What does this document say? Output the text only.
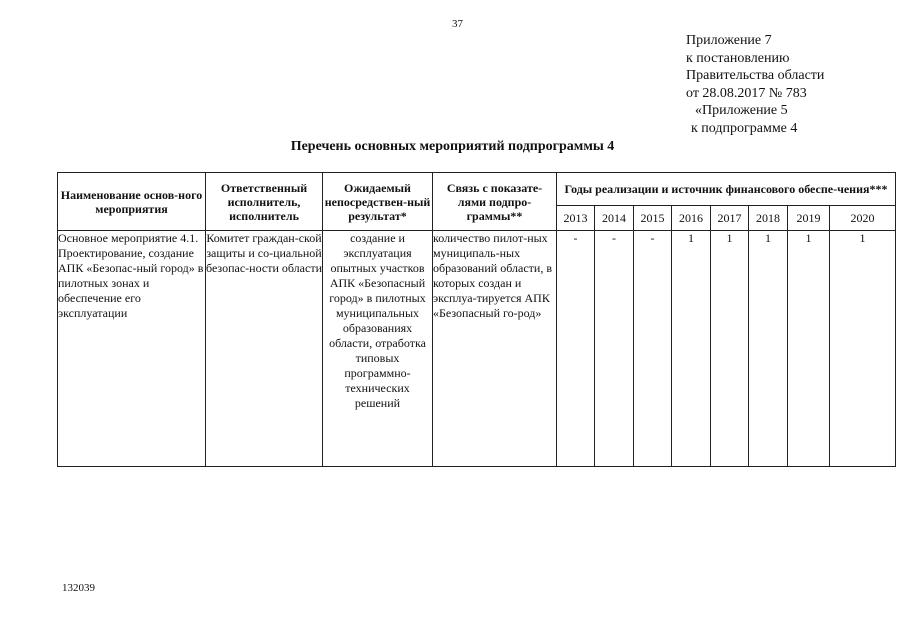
37
Приложение 7
к постановлению
Правительства области
от 28.08.2017 № 783
«Приложение 5
к подпрограмме 4
Перечень основных мероприятий подпрограммы 4
Наименование основ-ного мероприятия	Ответственный исполнитель, исполнитель	Ожидаемый непосредствен-ный результат*	Связь с показате-лями подпро-граммы**	Годы реализации и источник финансового обеспе-чения***							
				2013	2014	2015	2016	2017	2018	2019	2020
Основное мероприятие 4.1. Проектирование, создание АПК «Безопас-ный город» в пилотных зонах и обеспечение его эксплуатации	Комитет граждан-ской защиты и со-циальной безопас-ности области	создание и эксплуатация опытных участков АПК «Безопасный город» в пилотных муниципальных образованиях области, отработка типовых программно-технических решений	количество пилот-ных муниципаль-ных образований области, в которых создан и эксплуа-тируется АПК «Безопасный го-род»	-	-	-	1	1	1	1	1
132039
